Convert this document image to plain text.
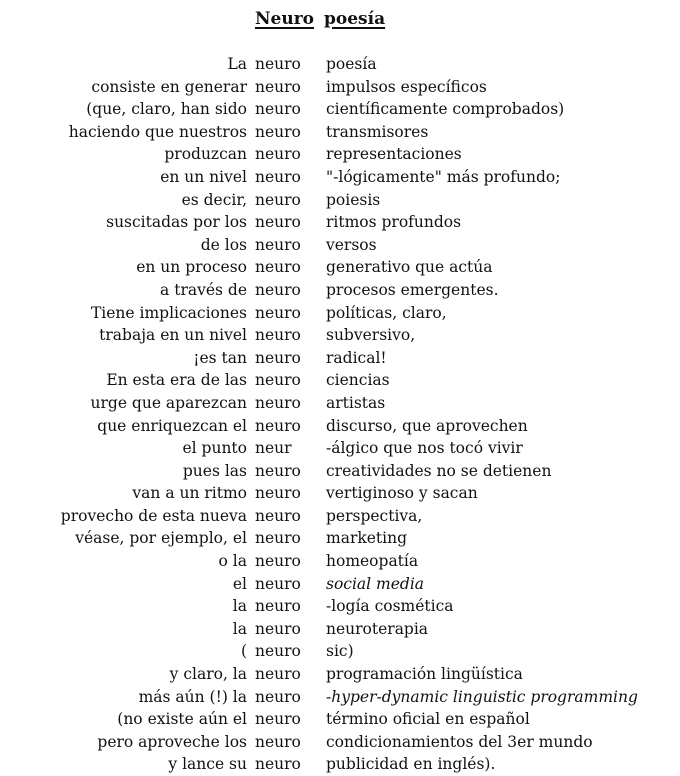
Neuro poesía
La neuro poesía
consiste en generar neuro impulsos específicos
(que, claro, han sido neuro científicamente comprobados)
haciendo que nuestros neuro transmisores
produzcan neuro representaciones
en un nivel neuro "-lógicamente" más profundo;
es decir, neuro poiesis
suscitadas por los neuro ritmos profundos
de los neuro versos
en un proceso neuro generativo que actúa
a través de neuro procesos emergentes.
Tiene implicaciones neuro políticas, claro,
trabaja en un nivel neuro subversivo,
¡es tan neuro radical!
En esta era de las neuro ciencias
urge que aparezcan neuro artistas
que enriquezcan el neuro discurso, que aprovechen
el punto neur -álgico que nos tocó vivir
pues las neuro creatividades no se detienen
van a un ritmo neuro vertiginoso y sacan
provecho de esta nueva neuro perspectiva,
véase, por ejemplo, el neuro marketing
o la neuro homeopatía
el neuro social media
la neuro -logía cosmética
la neuro neuroterapia
( neuro sic)
y claro, la neuro programación lingüística
más aún (!) la neuro -hyper-dynamic linguistic programming
(no existe aún el neuro término oficial en español
pero aproveche los neuro condicionamientos del 3er mundo
y lance su neuro publicidad en inglés).
